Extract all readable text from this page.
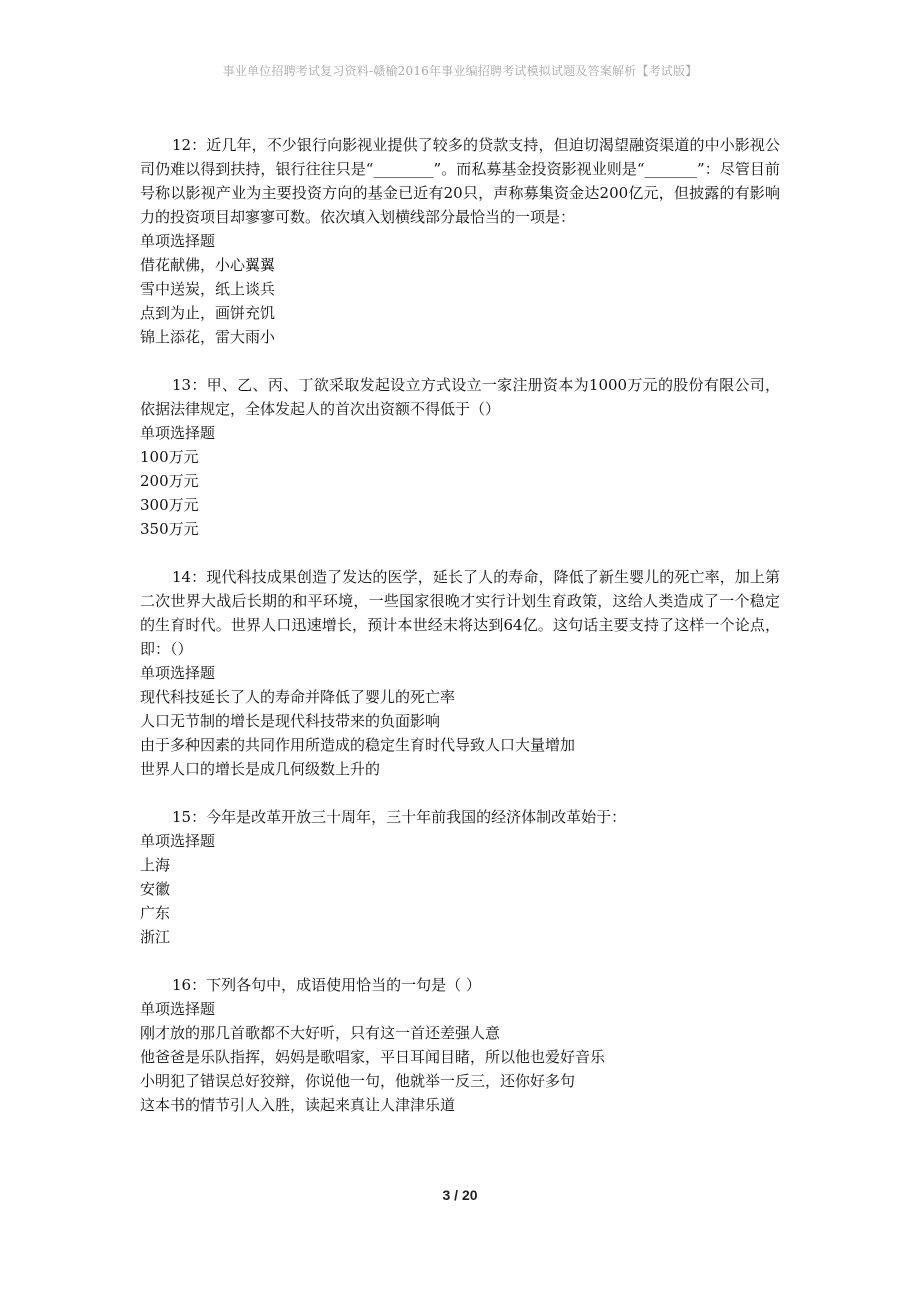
事业单位招聘考试复习资料-赣榆2016年事业编招聘考试模拟试题及答案解析【考试版】

12：近几年，不少银行向影视业提供了较多的贷款支持，但迫切渴望融资渠道的中小影视公司仍难以得到扶持，银行往往只是“________”。而私募基金投资影视业则是“_______”：尽管目前号称以影视产业为主要投资方向的基金已近有20只，声称募集资金达200亿元，但披露的有影响力的投资项目却寥寥可数。依次填入划横线部分最恰当的一项是：

单项选择题

借花献佛，小心翼翼

雪中送炭，纸上谈兵

点到为止，画饼充饥

锦上添花，雷大雨小

13：甲、乙、丙、丁欲采取发起设立方式设立一家注册资本为1000万元的股份有限公司，依据法律规定，全体发起人的首次出资额不得低于（）

单项选择题

100万元

200万元

300万元

350万元

14：现代科技成果创造了发达的医学，延长了人的寿命，降低了新生婴儿的死亡率，加上第二次世界大战后长期的和平环境，一些国家很晚才实行计划生育政策，这给人类造成了一个稳定的生育时代。世界人口迅速增长，预计本世经末将达到64亿。这句话主要支持了这样一个论点，即：（）

单项选择题

现代科技延长了人的寿命并降低了婴儿的死亡率

人口无节制的增长是现代科技带来的负面影响

由于多种因素的共同作用所造成的稳定生育时代导致人口大量增加

世界人口的增长是成几何级数上升的

15：今年是改革开放三十周年，三十年前我国的经济体制改革始于：

单项选择题

上海

安徽

广东

浙江

16：下列各句中，成语使用恰当的一句是（ ）

单项选择题

刚才放的那几首歌都不大好听，只有这一首还差强人意

他爸爸是乐队指挥，妈妈是歌唱家，平日耳闻目睹，所以他也爱好音乐

小明犯了错误总好狡辩，你说他一句，他就举一反三，还你好多句

这本书的情节引人入胜，读起来真让人津津乐道

3 / 20
